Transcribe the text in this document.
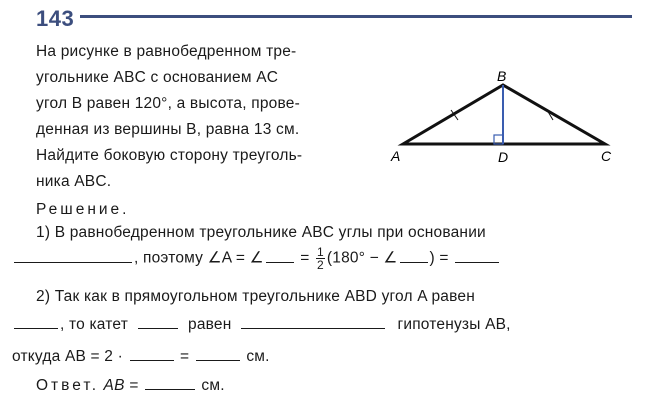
143
На рисунке в равнобедренном тре-
угольнике ABC с основанием AC
угол B равен 120°, а высота, прове-
денная из вершины B, равна 13 см.
Найдите боковую сторону треуголь-
ника ABC.
B
A	D	C
Решение.
1) В равнобедренном треугольнике ABC углы при основании
, поэтому ∠A = ∠ = $\frac{1}{2} (180^\circ$ − ∠ ) =
2) Так как в прямоугольном треугольнике ABD угол A равен
, то катет	равен	гипотенузы AB,
откуда AB = 2 ·	=	см.
Ответ. AB =	см.
